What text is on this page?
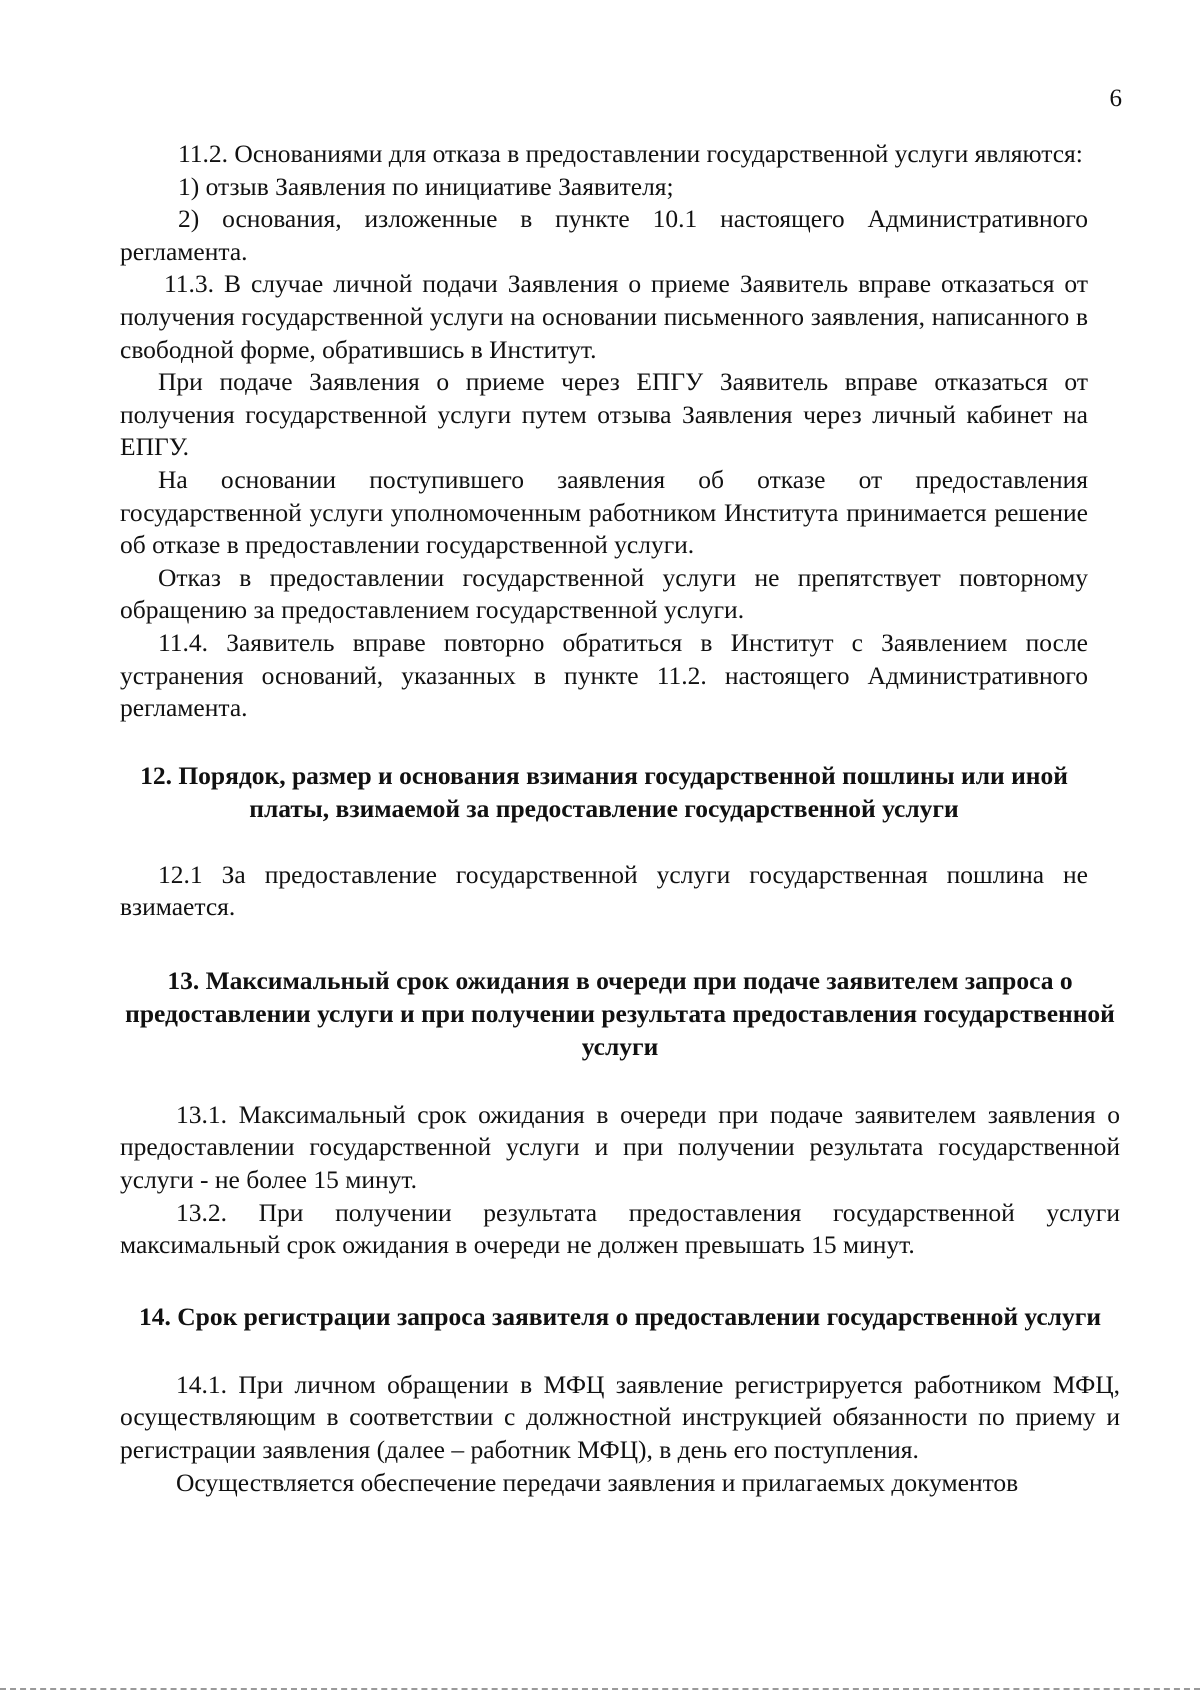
6

11.2. Основаниями для отказа в предоставлении государственной услуги являются:

1) отзыв Заявления по инициативе Заявителя;

2) основания, изложенные в пункте 10.1 настоящего Административного регламента.

11.3. В случае личной подачи Заявления о приеме Заявитель вправе отказаться от получения государственной услуги на основании письменного заявления, написанного в свободной форме, обратившись в Институт.

При подаче Заявления о приеме через ЕПГУ Заявитель вправе отказаться от получения государственной услуги путем отзыва Заявления через личный кабинет на ЕПГУ.

На основании поступившего заявления об отказе от предоставления государственной услуги уполномоченным работником Института принимается решение об отказе в предоставлении государственной услуги.

Отказ в предоставлении государственной услуги не препятствует повторному обращению за предоставлением государственной услуги.

11.4. Заявитель вправе повторно обратиться в Институт с Заявлением после устранения оснований, указанных в пункте 11.2. настоящего Административного регламента.

12. Порядок, размер и основания взимания государственной пошлины или иной платы, взимаемой за предоставление государственной услуги

12.1 За предоставление государственной услуги государственная пошлина не взимается.

13. Максимальный срок ожидания в очереди при подаче заявителем запроса о предоставлении услуги и при получении результата предоставления государственной услуги

13.1. Максимальный срок ожидания в очереди при подаче заявителем заявления о предоставлении государственной услуги и при получении результата государственной услуги - не более 15 минут.

13.2. При получении результата предоставления государственной услуги максимальный срок ожидания в очереди не должен превышать 15 минут.

14. Срок регистрации запроса заявителя о предоставлении государственной услуги

14.1. При личном обращении в МФЦ заявление регистрируется работником МФЦ, осуществляющим в соответствии с должностной инструкцией обязанности по приему и регистрации заявления (далее – работник МФЦ), в день его поступления.

Осуществляется обеспечение передачи заявления и прилагаемых документов
